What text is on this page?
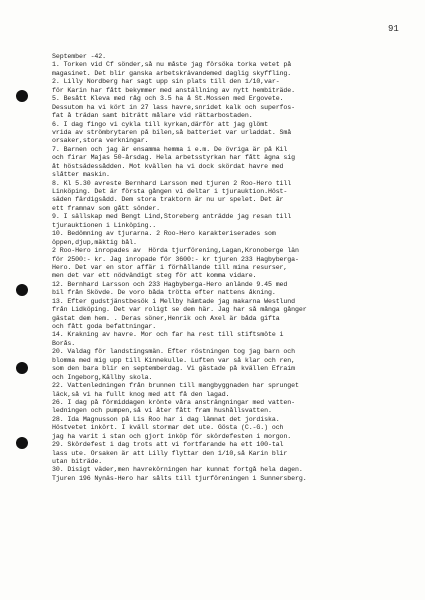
91
September -42.
1. Torken vid Cf sönder,så nu måste jag försöka torka vetet på
magasinet. Det blir ganska arbetskrävandemed daglig skyffling.
2. Lilly Nordberg har sagt upp sin plats till den 1/10,var-
för Karin har fått bekymmer med anställning av nytt hembiträde.
5. Besått Kleva med råg och 3.5 ha å St.Mossen med Ergovete.
Dessutom ha vi kört in 27 lass havre,snridet kalk och superfos-
fat å trädan samt biträtt målare vid rättarbostaden.
6. I dag fingo vi cykla till kyrkan,därför att jag glömt
vrida av strömbrytaren på bilen,så batteriet var urladdat. Små
orsaker,stora verkningar.
7. Barnen och jag är ensamma hemma i e.m. De övriga är på Kil
och firar Majas 50-årsdag. Hela arbetsstyrkan har fått ägna sig
åt höstsädessådden. Mot kvällen ha vi dock skördat havre med
slåtter maskin.
8. Kl 5.30 avreste Bernhard Larsson med tjuren 2 Roo-Hero till
Linköping. Det är första gången vi deltar i tjurauktion.Höst-
säden färdigsådd. Dem stora traktorn är nu ur spelet. Det är
ett framnav som gått sönder.
9. I sällskap med Bengt Lind,Storeberg anträdde jag resan till
tjurauktionen i Linköping..
10. Bedömning av tjurarna. 2 Roo-Hero karakteriserades som
öppen,djup,mäktig bål.
2 Roo-Hero inropades av  Hörda tjurförening,Lagan,Kronoberge län
för 2500:- kr. Jag inropade för 3600:- kr tjuren 233 Hagbyberga-
Hero. Det var en stor affär i förhållande till mina resurser,
men det var ett nödvändigt steg för att komma vidare.
12. Bernhard Larsson och 233 Hagbyberga-Hero anlände 9.45 med
bil från Skövde. De voro båda trötta efter nattens åkning.
13. Efter gudstjänstbesök i Mellby hämtade jag makarna Westlund
från Lidköping. Det var roligt se dem här. Jag har så många gånger
gästat dem hem. . Deras söner,Henrik och Axel är båda gifta
och fått goda befattningar.
14. Krakning av havre. Mor och far ha rest till stiftsmöte i
Borås.
20. Valdag för landstingsmän. Efter röstningen tog jag barn och
blomma med mig upp till Kinnekulle. Luften var så klar och ren,
som den bara blir en septemberdag. Vi gästade på kvällen Efraim
och Ingeborg,Källby skola.
22. Vattenledningen från brunnen till mangbyggnaden har sprunget
läck,så vi ha fullt knog med att få den lagad.
26. I dag på förmiddagen krönte våra ansträngningar med vatten-
ledningen och pumpen,så vi åter fått fram hushållsvatten.
28. Ida Magnusson på Lis Roo har i dag lämnat det jordiska.
Höstvetet inkört. I kväll stormar det ute. Gösta (C.-G.) och
jag ha varit i stan och gjort inköp för skördefesten i morgon.
29. Skördefest i dag trots att vi fortfarande ha ett 100-tal
lass ute. Orsaken är att Lilly flyttar den 1/10,så Karin blir
utan biträde.
30. Disigt väder,men havrekörningen har kunnat fortgå hela dagen.
Tjuren 196 Nynäs-Hero har sålts till tjurföreningen i Sunnersberg.
